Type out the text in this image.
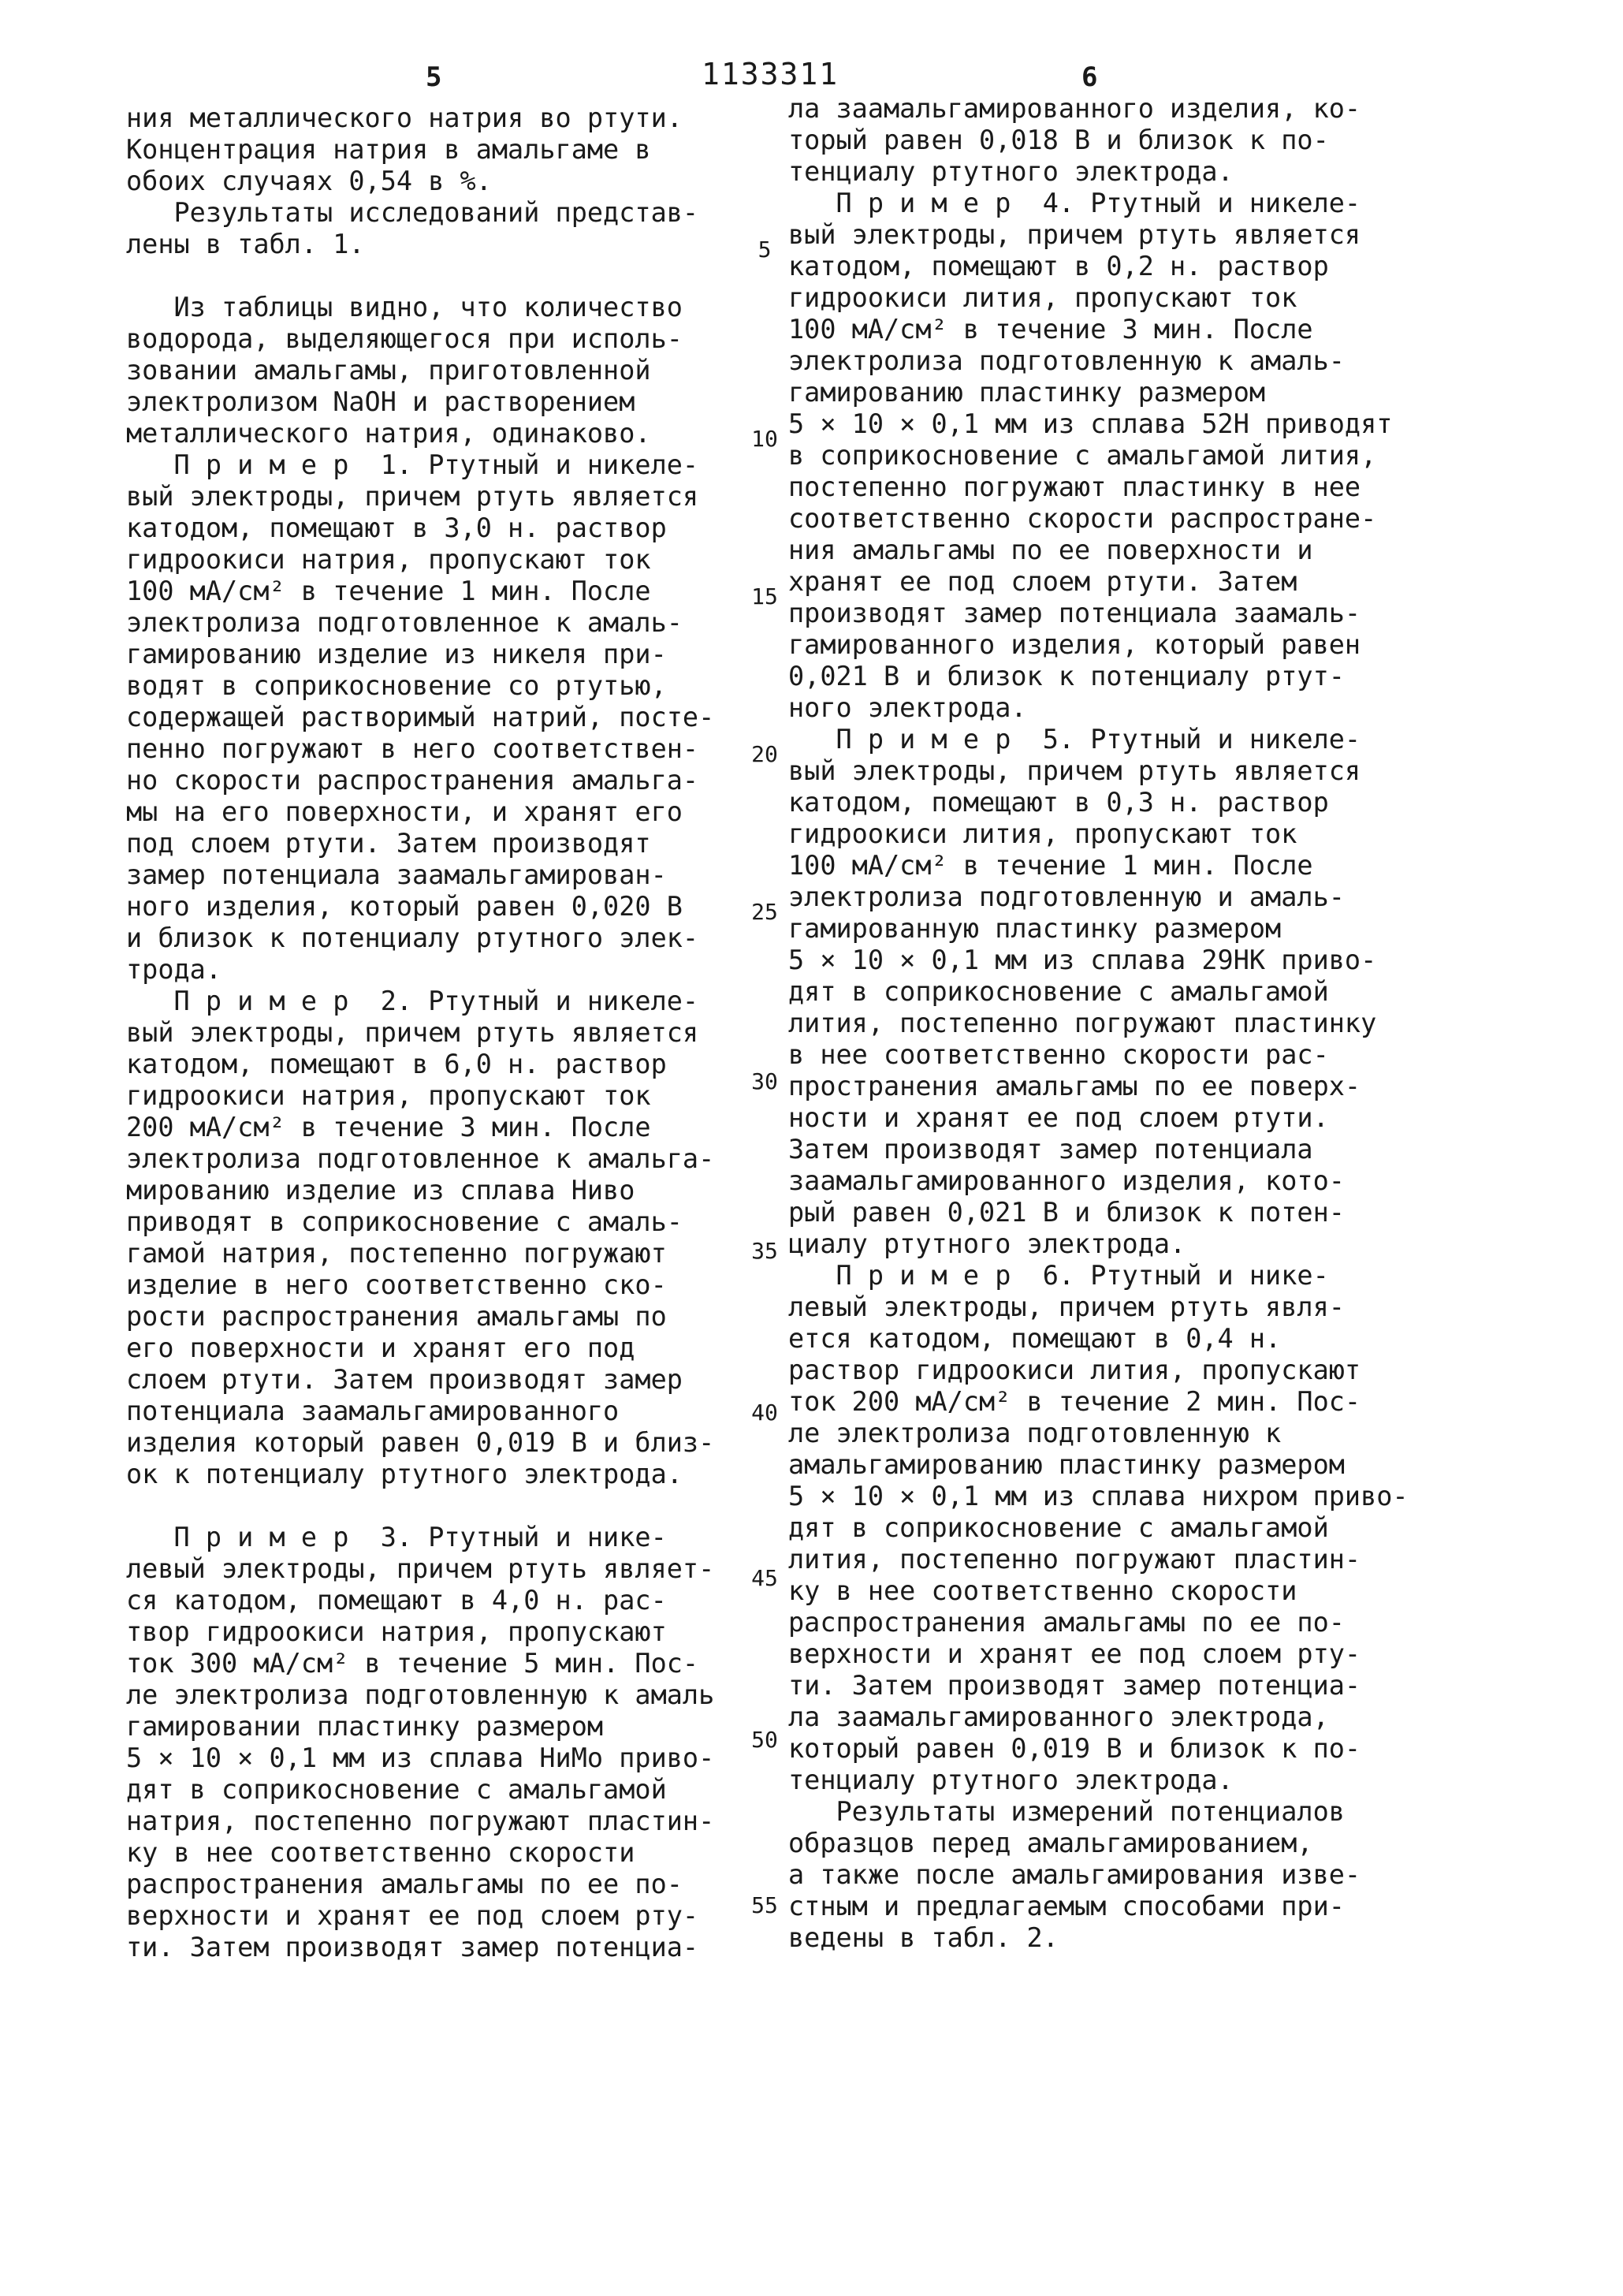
5	1133311	6
ния металлического натрия во ртути.
Концентрация натрия в амальгаме в
обоих случаях 0,54 в %.
Результаты исследований представ-
лены в табл. 1.
Из таблицы видно, что количество
водорода, выделяющегося при исполь-
зовании амальгамы, приготовленной
электролизом NaOH и растворением
металлического натрия, одинаково.
П р и м е р  1. Ртутный и никеле-
вый электроды, причем ртуть является
катодом, помещают в 3,0 н. раствор
гидроокиси натрия, пропускают ток
100 мА/см² в течение 1 мин. После
электролиза подготовленное к амаль-
гамированию изделие из никеля при-
водят в соприкосновение со ртутью,
содержащей растворимый натрий, посте-
пенно погружают в него соответствен-
но скорости распространения амальга-
мы на его поверхности, и хранят его
под слоем ртути. Затем производят
замер потенциала заамальгамирован-
ного изделия, который равен 0,020 В
и близок к потенциалу ртутного элек-
трода.
П р и м е р  2. Ртутный и никеле-
вый электроды, причем ртуть является
катодом, помещают в 6,0 н. раствор
гидроокиси натрия, пропускают ток
200 мА/см² в течение 3 мин. После
электролиза подготовленное к амальга-
мированию изделие из сплава Ниво
приводят в соприкосновение с амаль-
гамой натрия, постепенно погружают
изделие в него соответственно ско-
рости распространения амальгамы по
его поверхности и хранят его под
слоем ртути. Затем производят замер
потенциала заамальгамированного
изделия который равен 0,019 В и близ-
ок к потенциалу ртутного электрода.
П р и м е р  3. Ртутный и нике-
левый электроды, причем ртуть являет-
ся катодом, помещают в 4,0 н. рас-
твор гидроокиси натрия, пропускают
ток 300 мА/см² в течение 5 мин. Пос-
ле электролиза подготовленную к амаль
гамировании пластинку размером
5 × 10 × 0,1 мм из сплава НиМо приво-
дят в соприкосновение с амальгамой
натрия, постепенно погружают пластин-
ку в нее соответственно скорости
распространения амальгамы по ее по-
верхности и хранят ее под слоем рту-
ти. Затем производят замер потенциа-
ла заамальгамированного изделия, ко-
торый равен 0,018 В и близок к по-
тенциалу ртутного электрода.
П р и м е р  4. Ртутный и никеле-
вый электроды, причем ртуть является
катодом, помещают в 0,2 н. раствор
гидроокиси лития, пропускают ток
100 мА/см² в течение 3 мин. После
электролиза подготовленную к амаль-
гамированию пластинку размером
5 × 10 × 0,1 мм из сплава 52Н приводят
в соприкосновение с амальгамой лития,
постепенно погружают пластинку в нее
соответственно скорости распростране-
ния амальгамы по ее поверхности и
хранят ее под слоем ртути. Затем
производят замер потенциала заамаль-
гамированного изделия, который равен
0,021 В и близок к потенциалу ртут-
ного электрода.
П р и м е р  5. Ртутный и никеле-
вый электроды, причем ртуть является
катодом, помещают в 0,3 н. раствор
гидроокиси лития, пропускают ток
100 мА/см² в течение 1 мин. После
электролиза подготовленную и амаль-
гамированную пластинку размером
5 × 10 × 0,1 мм из сплава 29НК приво-
дят в соприкосновение с амальгамой
лития, постепенно погружают пластинку
в нее соответственно скорости рас-
пространения амальгамы по ее поверх-
ности и хранят ее под слоем ртути.
Затем производят замер потенциала
заамальгамированного изделия, кото-
рый равен 0,021 В и близок к потен-
циалу ртутного электрода.
П р и м е р  6. Ртутный и нике-
левый электроды, причем ртуть явля-
ется катодом, помещают в 0,4 н.
раствор гидроокиси лития, пропускают
ток 200 мА/см² в течение 2 мин. Пос-
ле электролиза подготовленную к
амальгамированию пластинку размером
5 × 10 × 0,1 мм из сплава нихром приво-
дят в соприкосновение с амальгамой
лития, постепенно погружают пластин-
ку в нее соответственно скорости
распространения амальгамы по ее по-
верхности и хранят ее под слоем рту-
ти. Затем производят замер потенциа-
ла заамальгамированного электрода,
который равен 0,019 В и близок к по-
тенциалу ртутного электрода.
Результаты измерений потенциалов
образцов перед амальгамированием,
а также после амальгамирования изве-
стным и предлагаемым способами при-
ведены в табл. 2.
5
10
15
20
25
30
35
40
45
50
55
